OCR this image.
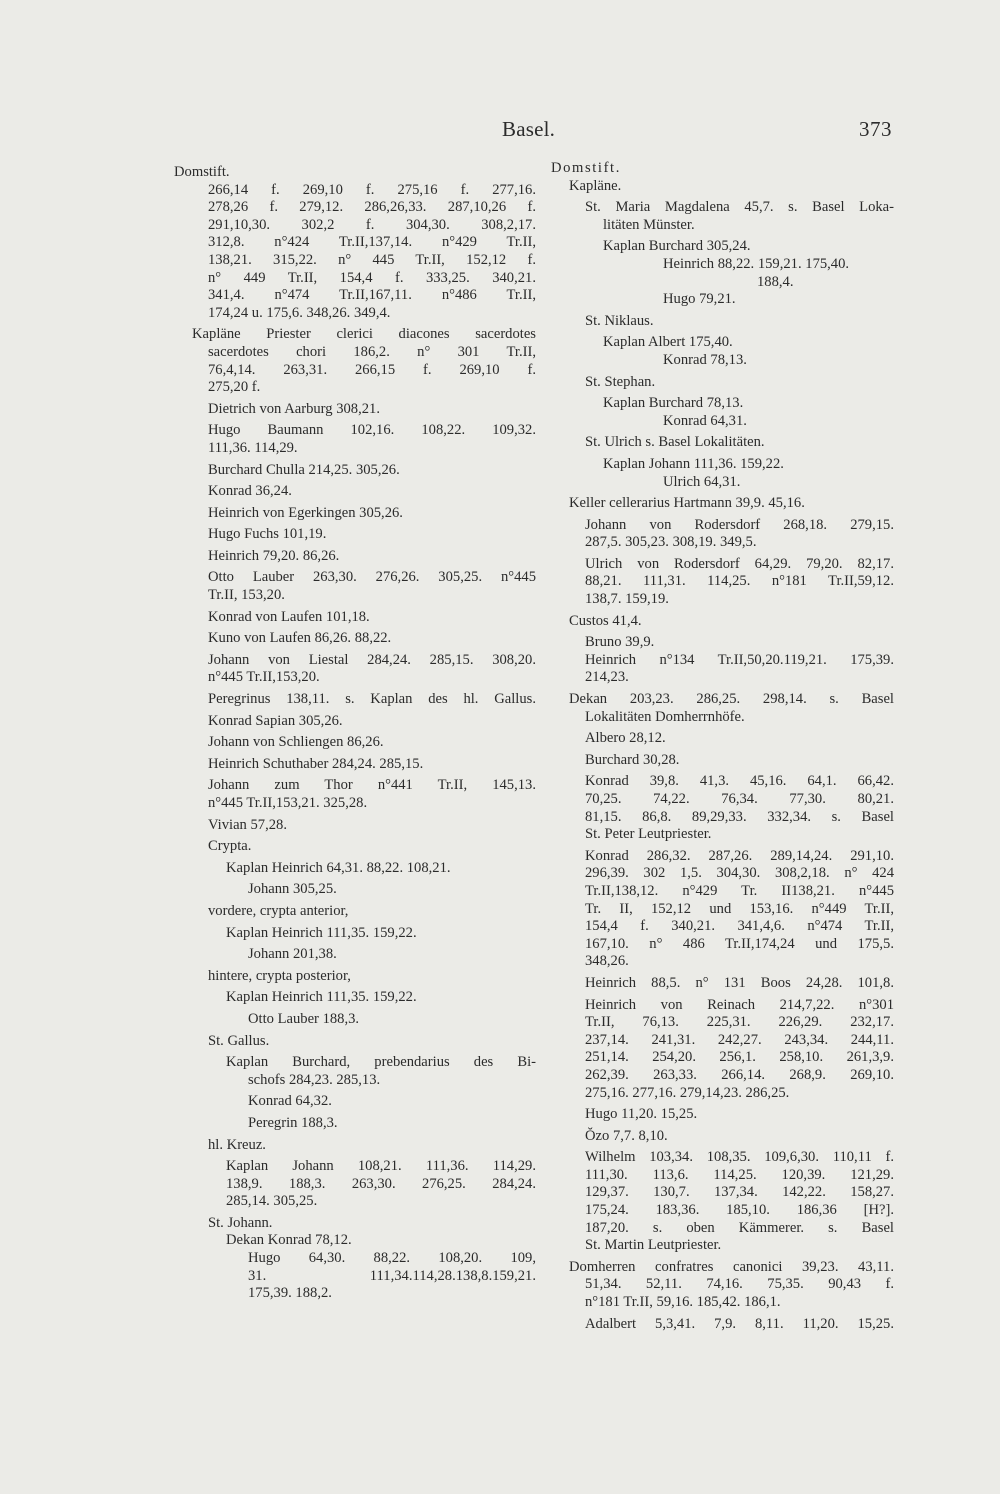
Basel.	373
Domstift.
266,14 f. 269,10 f. 275,16 f. 277,16.
278,26 f. 279,12. 286,26,33. 287,10,26 f.
291,10,30. 302,2 f. 304,30. 308,2,17.
312,8. n°424 Tr.II,137,14. n°429 Tr.II,
138,21. 315,22. n° 445 Tr.II, 152,12 f.
n° 449 Tr.II, 154,4 f. 333,25. 340,21.
341,4. n°474 Tr.II,167,11. n°486 Tr.II,
174,24 u. 175,6. 348,26. 349,4.
Kapläne Priester clerici diacones sacerdotes
sacerdotes chori 186,2. n° 301 Tr.II,
76,4,14. 263,31. 266,15 f. 269,10 f.
275,20 f.
Dietrich von Aarburg 308,21.
Hugo Baumann 102,16. 108,22. 109,32.
111,36. 114,29.
Burchard Chulla 214,25. 305,26.
Konrad 36,24.
Heinrich von Egerkingen 305,26.
Hugo Fuchs 101,19.
Heinrich 79,20. 86,26.
Otto Lauber 263,30. 276,26. 305,25. n°445
Tr.II, 153,20.
Konrad von Laufen 101,18.
Kuno von Laufen 86,26. 88,22.
Johann von Liestal 284,24. 285,15. 308,20.
n°445 Tr.II,153,20.
Peregrinus 138,11. s. Kaplan des hl. Gallus.
Konrad Sapian 305,26.
Johann von Schliengen 86,26.
Heinrich Schuthaber 284,24. 285,15.
Johann zum Thor n°441 Tr.II, 145,13.
n°445 Tr.II,153,21. 325,28.
Vivian 57,28.
Crypta.
Kaplan Heinrich 64,31. 88,22. 108,21.
Johann 305,25.
vordere, crypta anterior,
Kaplan Heinrich 111,35. 159,22.
Johann 201,38.
hintere, crypta posterior,
Kaplan Heinrich 111,35. 159,22.
Otto Lauber 188,3.
St. Gallus.
Kaplan Burchard, prebendarius des Bi-
schofs 284,23. 285,13.
Konrad 64,32.
Peregrin 188,3.
hl. Kreuz.
Kaplan Johann 108,21. 111,36. 114,29.
138,9. 188,3. 263,30. 276,25. 284,24.
285,14. 305,25.
St. Johann.
Dekan Konrad 78,12.
Hugo 64,30. 88,22. 108,20. 109,
31. 111,34.114,28.138,8.159,21.
175,39. 188,2.
Domstift.
Kapläne.
St. Maria Magdalena 45,7. s. Basel Loka-
litäten Münster.
Kaplan Burchard 305,24.
Heinrich 88,22. 159,21. 175,40.
188,4.
Hugo 79,21.
St. Niklaus.
Kaplan Albert 175,40.
Konrad 78,13.
St. Stephan.
Kaplan Burchard 78,13.
Konrad 64,31.
St. Ulrich s. Basel Lokalitäten.
Kaplan Johann 111,36. 159,22.
Ulrich 64,31.
Keller cellerarius Hartmann 39,9. 45,16.
Johann von Rodersdorf 268,18. 279,15.
287,5. 305,23. 308,19. 349,5.
Ulrich von Rodersdorf 64,29. 79,20. 82,17.
88,21. 111,31. 114,25. n°181 Tr.II,59,12.
138,7. 159,19.
Custos 41,4.
Bruno 39,9.
Heinrich n°134 Tr.II,50,20.119,21. 175,39.
214,23.
Dekan 203,23. 286,25. 298,14. s. Basel
Lokalitäten Domherrnhöfe.
Albero 28,12.
Burchard 30,28.
Konrad 39,8. 41,3. 45,16. 64,1. 66,42.
70,25. 74,22. 76,34. 77,30. 80,21.
81,15. 86,8. 89,29,33. 332,34. s. Basel
St. Peter Leutpriester.
Konrad 286,32. 287,26. 289,14,24. 291,10.
296,39. 302 1,5. 304,30. 308,2,18. n° 424
Tr.II,138,12. n°429 Tr. II138,21. n°445
Tr. II, 152,12 und 153,16. n°449 Tr.II,
154,4 f. 340,21. 341,4,6. n°474 Tr.II,
167,10. n° 486 Tr.II,174,24 und 175,5.
348,26.
Heinrich 88,5. n° 131 Boos 24,28. 101,8.
Heinrich von Reinach 214,7,22. n°301
Tr.II, 76,13. 225,31. 226,29. 232,17.
237,14. 241,31. 242,27. 243,34. 244,11.
251,14. 254,20. 256,1. 258,10. 261,3,9.
262,39. 263,33. 266,14. 268,9. 269,10.
275,16. 277,16. 279,14,23. 286,25.
Hugo 11,20. 15,25.
Ŏzo 7,7. 8,10.
Wilhelm 103,34. 108,35. 109,6,30. 110,11 f.
111,30. 113,6. 114,25. 120,39. 121,29.
129,37. 130,7. 137,34. 142,22. 158,27.
175,24. 183,36. 185,10. 186,36 [H?].
187,20. s. oben Kämmerer. s. Basel
St. Martin Leutpriester.
Domherren confratres canonici 39,23. 43,11.
51,34. 52,11. 74,16. 75,35. 90,43 f.
n°181 Tr.II, 59,16. 185,42. 186,1.
Adalbert 5,3,41. 7,9. 8,11. 11,20. 15,25.
